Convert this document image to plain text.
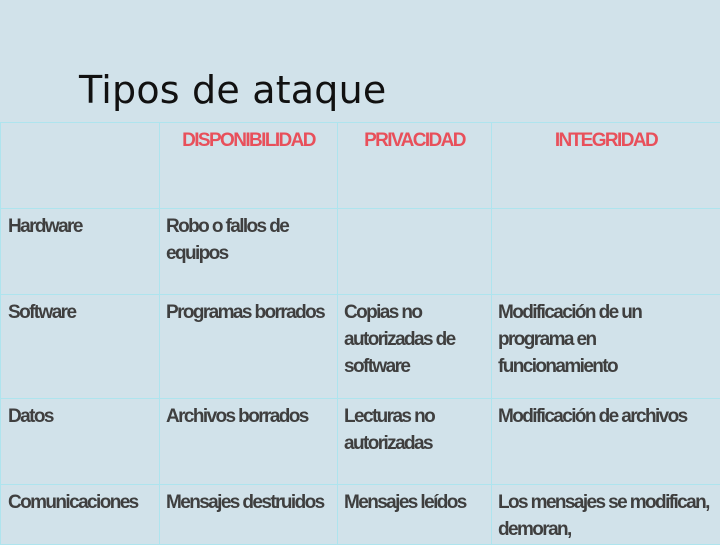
Tipos de ataque
	DISPONIBILIDAD	PRIVACIDAD	INTEGRIDAD
Hardware	Robo o fallos de equipos		
Software	Programas borrados	Copias no autorizadas de software	Modificación de un programa en funcionamiento
Datos	Archivos borrados	Lecturas no autorizadas	Modificación de archivos
Comunicaciones	Mensajes destruidos	Mensajes leídos	Los mensajes se modifican, demoran,
